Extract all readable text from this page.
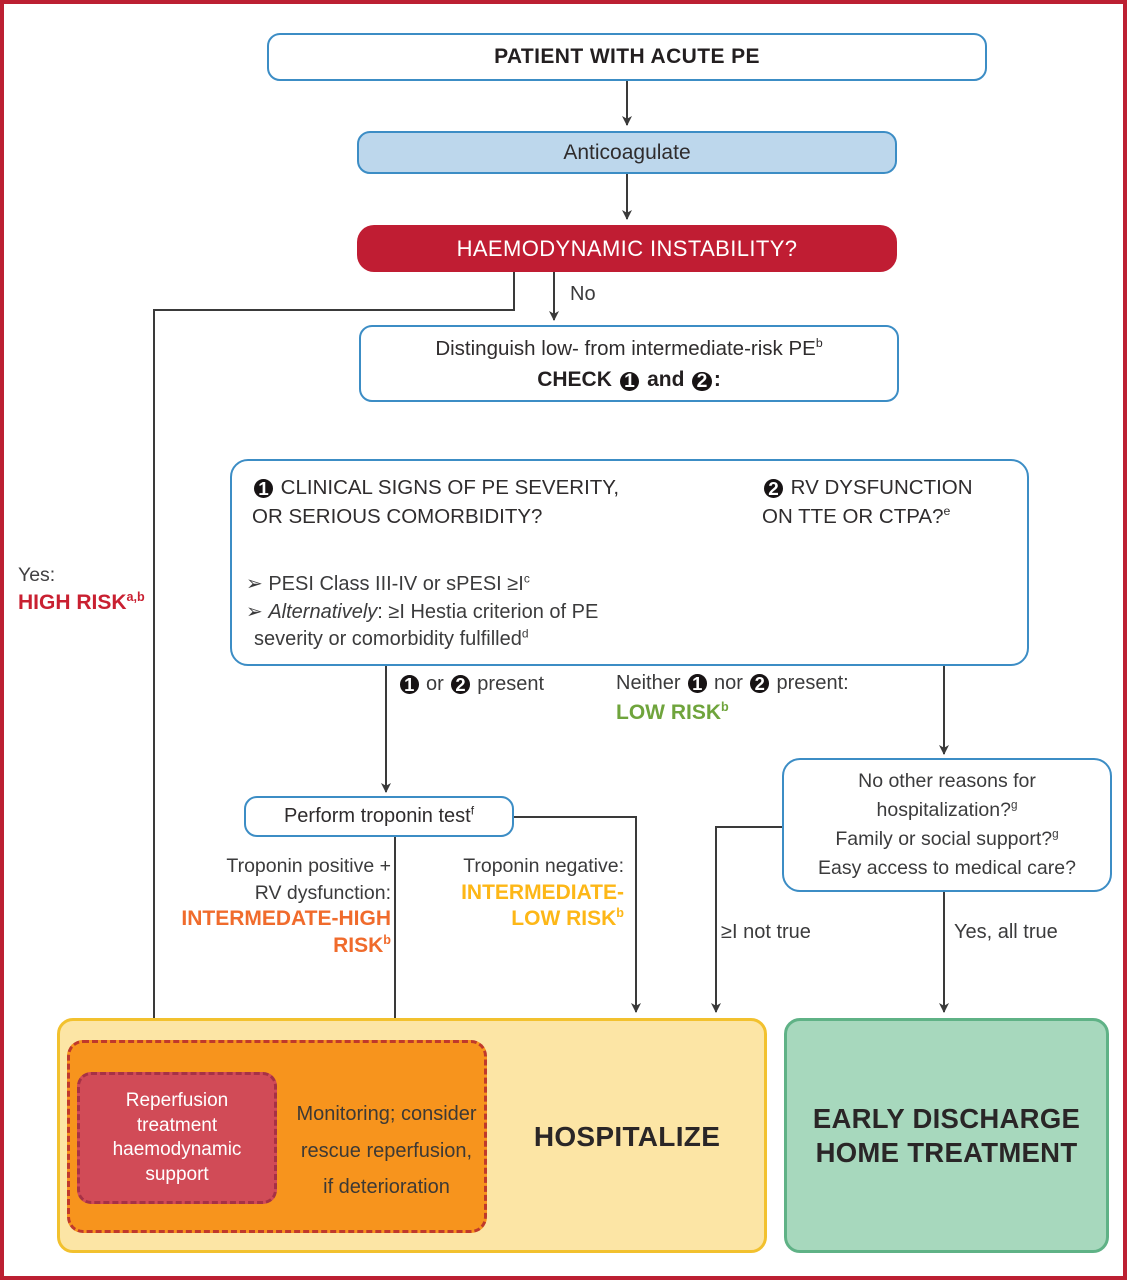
PATIENT WITH ACUTE PE
Anticoagulate
HAEMODYNAMIC INSTABILITY?
No
Distinguish low- from intermediate-risk $PE^b$
CHECK 1 and 2 :
1 CLINICAL SIGNS OF PE SEVERITY,
OR SERIOUS COMORBIDITY?
2 RV DYSFUNCTION
ON TTE OR CTPA?$^e$
➢ PESI Class III-IV or sPESI $\ge I^c$
➢ Alternatively: ≥I Hestia criterion of PE
severity or comorbidity fulfilled$^d$
Yes:
HIGH RISK$^{a,b}$
1 or 2 present	Neither 1 nor 2 present:
LOW RISK$^b$
Perform troponin test$^f$
Troponin positive +
RV dysfunction:
INTERMEDATE-HIGH
RISK$^b$
Troponin negative:
INTERMEDIATE-
LOW RISK$^b$
No other reasons for
hospitalization?$^g$
Family or social support?$^g$
Easy access to medical care?
≥I not true	Yes, all true
Reperfusion
treatment
haemodynamic
support
Monitoring; consider
rescue reperfusion,
if deterioration
HOSPITALIZE
EARLY DISCHARGE
HOME TREATMENT
